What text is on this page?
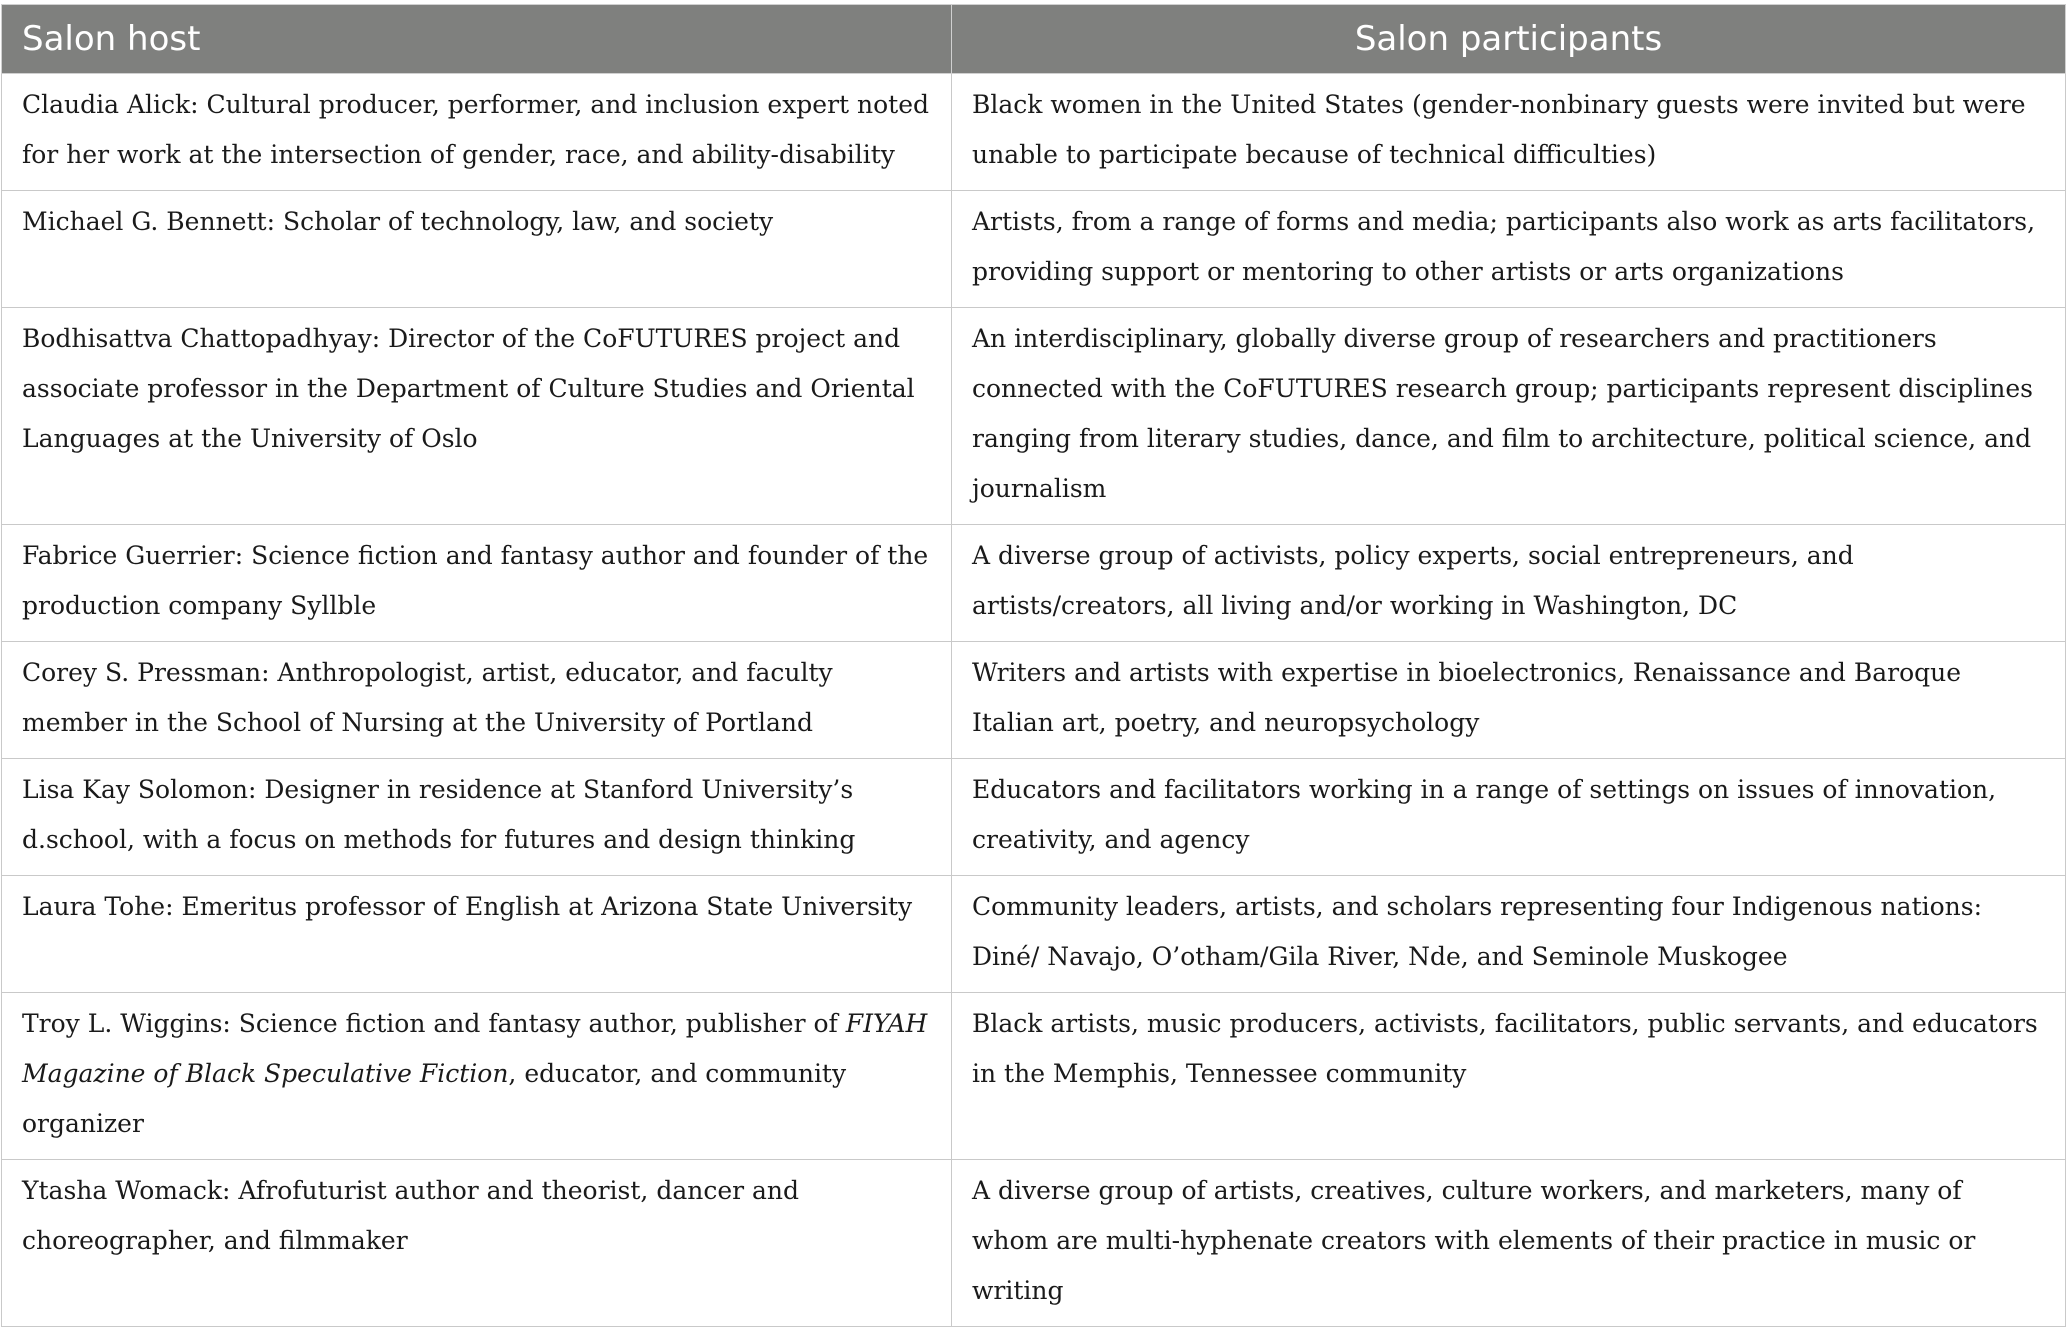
Salon host	Salon participants
Claudia Alick: Cultural producer, performer, and inclusion expert noted for her work at the intersection of gender, race, and ability-disability	Black women in the United States (gender-nonbinary guests were invited but were unable to participate because of technical difficulties)
Michael G. Bennett: Scholar of technology, law, and society	Artists, from a range of forms and media; participants also work as arts facilitators, providing support or mentoring to other artists or arts organizations
Bodhisattva Chattopadhyay: Director of the CoFUTURES project and associate professor in the Department of Culture Studies and Oriental Languages at the University of Oslo	An interdisciplinary, globally diverse group of researchers and practitioners connected with the CoFUTURES research group; participants represent disciplines ranging from literary studies, dance, and film to architecture, political science, and journalism
Fabrice Guerrier: Science fiction and fantasy author and founder of the production company Syllble	A diverse group of activists, policy experts, social entrepreneurs, and artists/creators, all living and/or working in Washington, DC
Corey S. Pressman: Anthropologist, artist, educator, and faculty member in the School of Nursing at the University of Portland	Writers and artists with expertise in bioelectronics, Renaissance and Baroque Italian art, poetry, and neuropsychology
Lisa Kay Solomon: Designer in residence at Stanford University’s d.school, with a focus on methods for futures and design thinking	Educators and facilitators working in a range of settings on issues of innovation, creativity, and agency
Laura Tohe: Emeritus professor of English at Arizona State University	Community leaders, artists, and scholars representing four Indigenous nations: Diné/ Navajo, O’otham/Gila River, Nde, and Seminole Muskogee
Troy L. Wiggins: Science fiction and fantasy author, publisher of FIYAH Magazine of Black Speculative Fiction, educator, and community organizer	Black artists, music producers, activists, facilitators, public servants, and educators in the Memphis, Tennessee community
Ytasha Womack: Afrofuturist author and theorist, dancer and choreographer, and filmmaker	A diverse group of artists, creatives, culture workers, and marketers, many of whom are multi-hyphenate creators with elements of their practice in music or writing
